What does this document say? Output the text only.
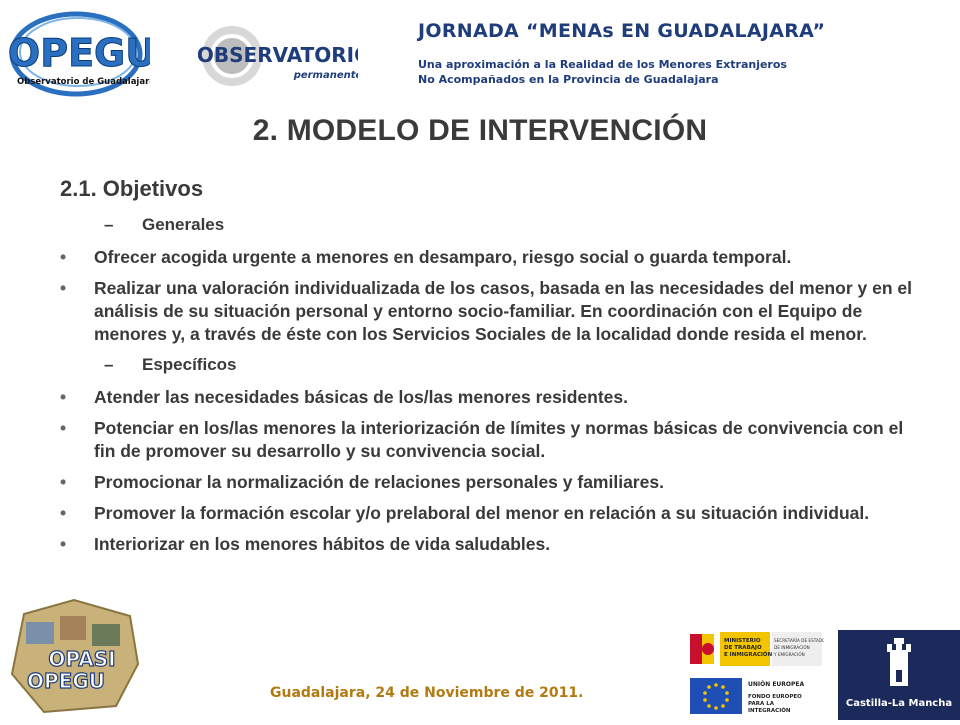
OPEGU
Observatorio de Guadalajara
OBSERVATORIO
permanente
JORNADA “MENAs EN GUADALAJARA”
Una aproximación a la Realidad de los Menores Extranjeros
No Acompañados en la Provincia de Guadalajara
2. MODELO DE INTERVENCIÓN
2.1. Objetivos
– Generales
• Ofrecer acogida urgente a menores en desamparo, riesgo social o guarda temporal.
• Realizar una valoración individualizada de los casos, basada en las necesidades del menor y en el análisis de su situación personal y entorno socio-familiar. En coordinación con el Equipo de menores y, a través de éste con los Servicios Sociales de la localidad donde resida el menor.
– Específicos
• Atender las necesidades básicas de los/las menores residentes.
• Potenciar en los/las menores la interiorización de límites y normas básicas de convivencia con el fin de promover su desarrollo y su convivencia social.
• Promocionar la normalización de relaciones personales y familiares.
• Promover la formación escolar y/o prelaboral del menor en relación a su situación individual.
• Interiorizar en los menores hábitos de vida saludables.
OPASI
OPEGU	Guadalajara, 24 de Noviembre de 2011.
MINISTERIO
DE TRABAJO
E INMIGRACIÓN
SECRETARÍA DE ESTADO
DE INMIGRACIÓN
Y EMIGRACIÓN
UNIÓN EUROPEA
FONDO EUROPEO
PARA LA
INTEGRACIÓN
Castilla-La Mancha
